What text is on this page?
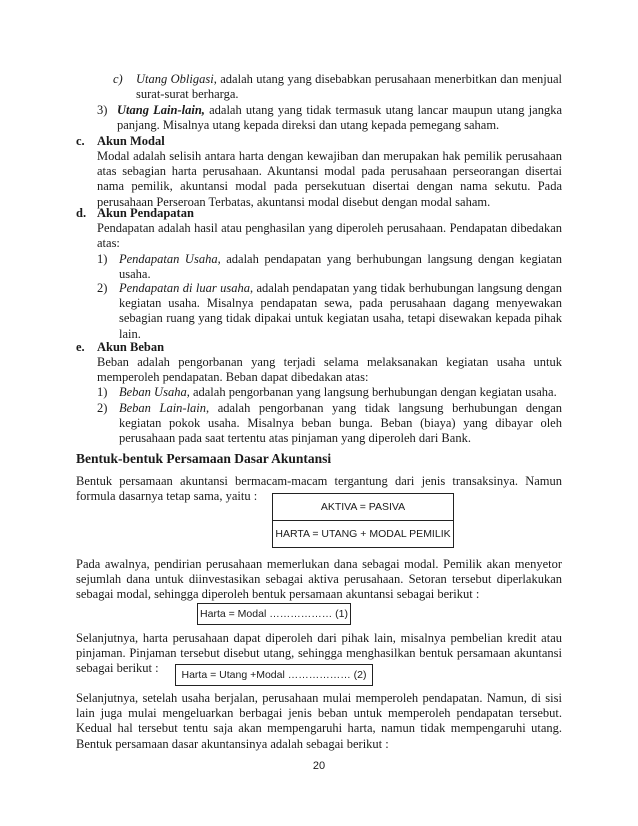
c) Utang Obligasi, adalah utang yang disebabkan perusahaan menerbitkan dan menjual surat-surat berharga.

3) Utang Lain-lain, adalah utang yang tidak termasuk utang lancar maupun utang jangka panjang. Misalnya utang kepada direksi dan utang kepada pemegang saham.

c. Akun Modal

Modal adalah selisih antara harta dengan kewajiban dan merupakan hak pemilik perusahaan atas sebagian harta perusahaan. Akuntansi modal pada perusahaan perseorangan disertai nama pemilik, akuntansi modal pada persekutuan disertai dengan nama sekutu. Pada perusahaan Perseroan Terbatas, akuntansi modal disebut dengan modal saham.

d. Akun Pendapatan

Pendapatan adalah hasil atau penghasilan yang diperoleh perusahaan. Pendapatan dibedakan atas:

1) Pendapatan Usaha, adalah pendapatan yang berhubungan langsung dengan kegiatan usaha.

2) Pendapatan di luar usaha, adalah pendapatan yang tidak berhubungan langsung dengan kegiatan usaha. Misalnya pendapatan sewa, pada perusahaan dagang menyewakan sebagian ruang yang tidak dipakai untuk kegiatan usaha, tetapi disewakan kepada pihak lain.

e. Akun Beban

Beban adalah pengorbanan yang terjadi selama melaksanakan kegiatan usaha untuk memperoleh pendapatan. Beban dapat dibedakan atas:

1) Beban Usaha, adalah pengorbanan yang langsung berhubungan dengan kegiatan usaha.

2) Beban Lain-lain, adalah pengorbanan yang tidak langsung berhubungan dengan kegiatan pokok usaha. Misalnya beban bunga. Beban (biaya) yang dibayar oleh perusahaan pada saat tertentu atas pinjaman yang diperoleh dari Bank.

Bentuk-bentuk Persamaan Dasar Akuntansi

Bentuk persamaan akuntansi bermacam-macam tergantung dari jenis transaksinya. Namun formula dasarnya tetap sama, yaitu :

AKTIVA = PASIVA
HARTA = UTANG + MODAL PEMILIK

Pada awalnya, pendirian perusahaan memerlukan dana sebagai modal. Pemilik akan menyetor sejumlah dana untuk diinvestasikan sebagai aktiva perusahaan. Setoran tersebut diperlakukan sebagai modal, sehingga diperoleh bentuk persamaan akuntansi sebagai berikut :

Harta = Modal ……………… (1)

Selanjutnya, harta perusahaan dapat diperoleh dari pihak lain, misalnya pembelian kredit atau pinjaman. Pinjaman tersebut disebut utang, sehingga menghasilkan bentuk persamaan akuntansi sebagai berikut :	Harta = Utang +Modal ……………… (2)

Selanjutnya, setelah usaha berjalan, perusahaan mulai memperoleh pendapatan. Namun, di sisi lain juga mulai mengeluarkan berbagai jenis beban untuk memperoleh pendapatan tersebut. Kedual hal tersebut tentu saja akan mempengaruhi harta, namun tidak mempengaruhi utang. Bentuk persamaan dasar akuntansinya adalah sebagai berikut :

20
